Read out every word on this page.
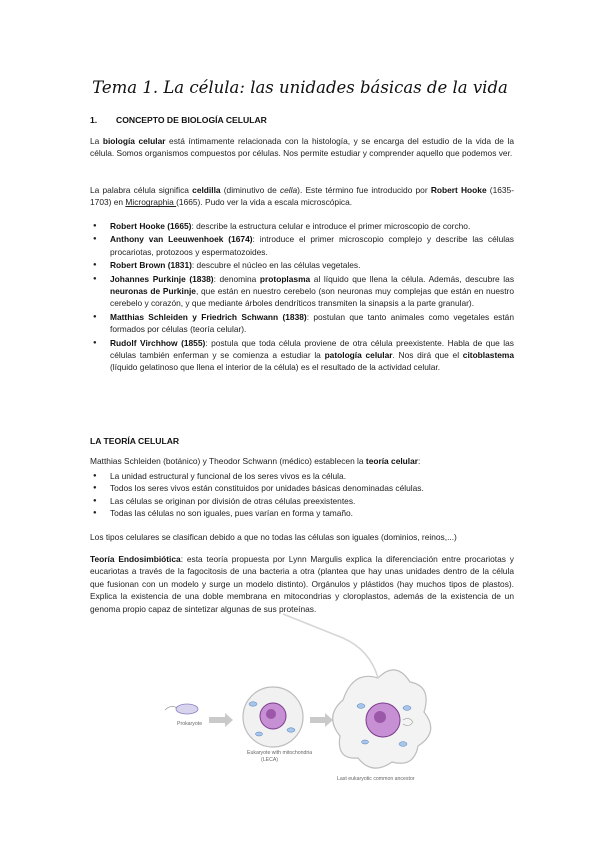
Tema 1. La célula: las unidades básicas de la vida
1. CONCEPTO DE BIOLOGÍA CELULAR
La biología celular está íntimamente relacionada con la histología, y se encarga del estudio de la vida de la célula. Somos organismos compuestos por células. Nos permite estudiar y comprender aquello que podemos ver.
La palabra célula significa celdilla (diminutivo de cella). Este término fue introducido por Robert Hooke (1635-1703) en Micrographia (1665). Pudo ver la vida a escala microscópica.
● Robert Hooke (1665): describe la estructura celular e introduce el primer microscopio de corcho.
● Anthony van Leeuwenhoek (1674): introduce el primer microscopio complejo y describe las células procariotas, protozoos y espermatozoides.
● Robert Brown (1831): descubre el núcleo en las células vegetales.
● Johannes Purkinje (1838): denomina protoplasma al líquido que llena la célula. Además, descubre las neuronas de Purkinje, que están en nuestro cerebelo (son neuronas muy complejas que están en nuestro cerebelo y corazón, y que mediante árboles dendríticos transmiten la sinapsis a la parte granular).
● Matthias Schleiden y Friedrich Schwann (1838): postulan que tanto animales como vegetales están formados por células (teoría celular).
● Rudolf Virchhow (1855): postula que toda célula proviene de otra célula preexistente. Habla de que las células también enferman y se comienza a estudiar la patología celular. Nos dirá que el citoblastema (líquido gelatinoso que llena el interior de la célula) es el resultado de la actividad celular.
LA TEORÍA CELULAR
Matthias Schleiden (botánico) y Theodor Schwann (médico) establecen la teoría celular:
● La unidad estructural y funcional de los seres vivos es la célula.
● Todos los seres vivos están constituidos por unidades básicas denominadas células.
● Las células se originan por división de otras células preexistentes.
● Todas las células no son iguales, pues varían en forma y tamaño.
Los tipos celulares se clasifican debido a que no todas las células son iguales (dominios, reinos,...)
Teoría Endosimbiótica: esta teoría propuesta por Lynn Margulis explica la diferenciación entre procariotas y eucariotas a través de la fagocitosis de una bacteria a otra (plantea que hay unas unidades dentro de la célula que fusionan con un modelo y surge un modelo distinto). Orgánulos y plástidos (hay muchos tipos de plastos). Explica la existencia de una doble membrana en mitocondrias y cloroplastos, además de la existencia de un genoma propio capaz de sintetizar algunas de sus proteínas.
Prokaryote
Eukaryote with mitochondria
(LECA)
Last eukaryotic common ancestor
